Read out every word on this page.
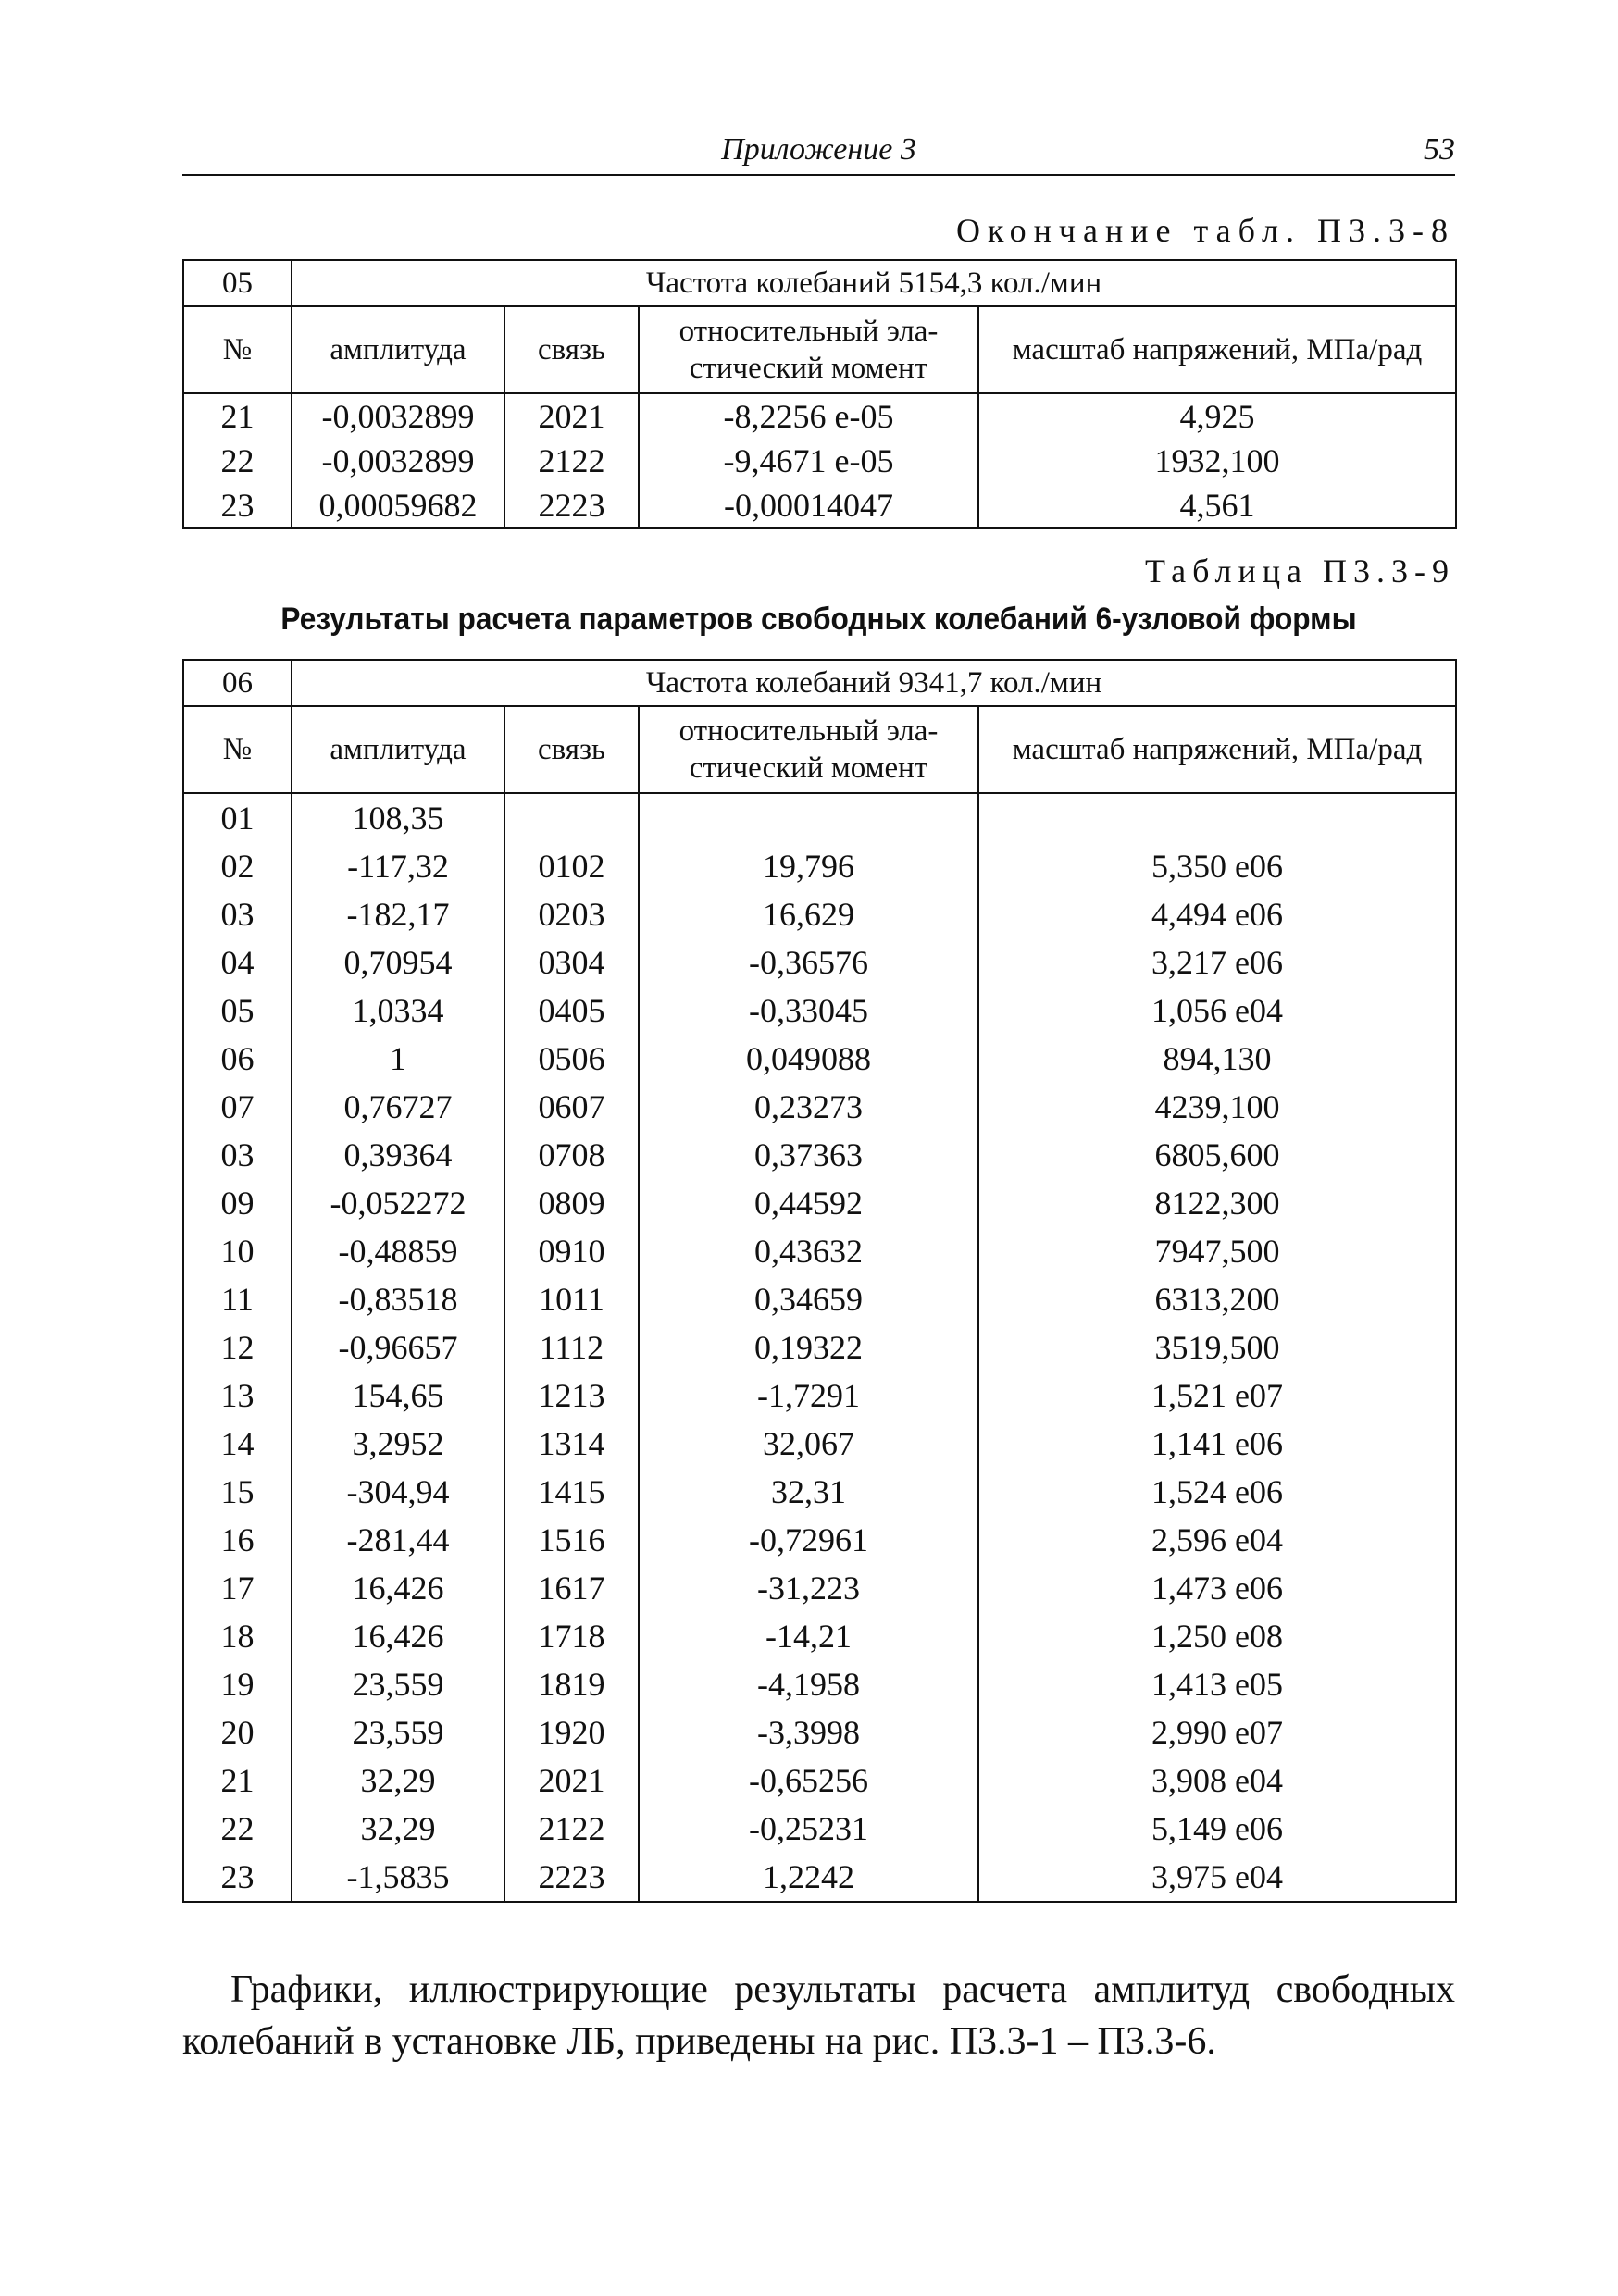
Приложение 3	53
Окончание табл. П3.3-8
05	Частота колебаний 5154,3 кол./мин			
№	амплитуда	связь	относительный эла-стический момент	масштаб напряжений, МПа/рад
21	-0,0032899	2021	-8,2256 е-05	4,925
22	-0,0032899	2122	-9,4671 е-05	1932,100
23	0,00059682	2223	-0,00014047	4,561
Таблица П3.3-9
Результаты расчета параметров свободных колебаний 6-узловой формы
06	Частота колебаний 9341,7 кол./мин			
№	амплитуда	связь	относительный эла-стический момент	масштаб напряжений, МПа/рад
01	108,35			
02	-117,32	0102	19,796	5,350 е06
03	-182,17	0203	16,629	4,494 е06
04	0,70954	0304	-0,36576	3,217 е06
05	1,0334	0405	-0,33045	1,056 е04
06	1	0506	0,049088	894,130
07	0,76727	0607	0,23273	4239,100
03	0,39364	0708	0,37363	6805,600
09	-0,052272	0809	0,44592	8122,300
10	-0,48859	0910	0,43632	7947,500
11	-0,83518	1011	0,34659	6313,200
12	-0,96657	1112	0,19322	3519,500
13	154,65	1213	-1,7291	1,521 е07
14	3,2952	1314	32,067	1,141 е06
15	-304,94	1415	32,31	1,524 е06
16	-281,44	1516	-0,72961	2,596 е04
17	16,426	1617	-31,223	1,473 е06
18	16,426	1718	-14,21	1,250 е08
19	23,559	1819	-4,1958	1,413 е05
20	23,559	1920	-3,3998	2,990 е07
21	32,29	2021	-0,65256	3,908 е04
22	32,29	2122	-0,25231	5,149 е06
23	-1,5835	2223	1,2242	3,975 е04

Графики, иллюстрирующие результаты расчета амплитуд свободных колебаний в установке ЛБ, приведены на рис. П3.3-1 – П3.3-6.
